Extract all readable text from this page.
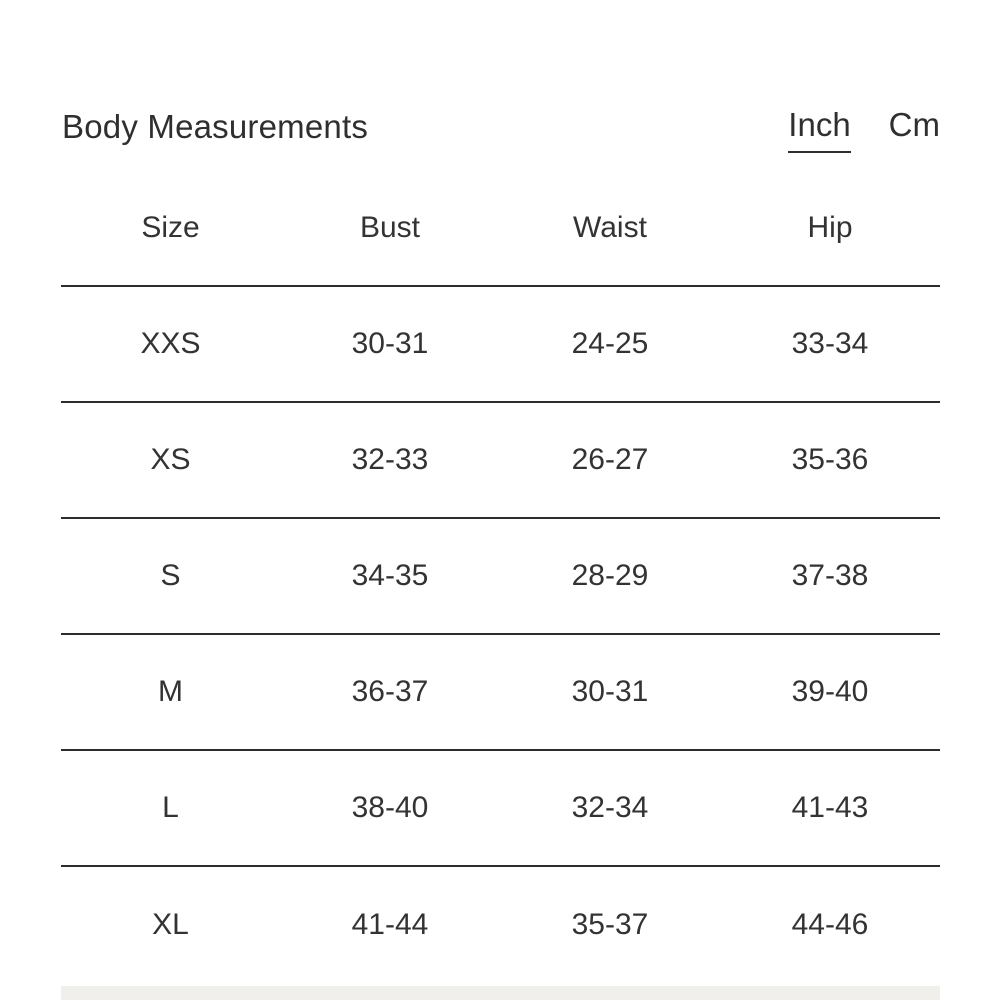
Body Measurements	Inch Cm
Size	Bust	Waist	Hip
XXS	30-31	24-25	33-34
XS	32-33	26-27	35-36
S	34-35	28-29	37-38
M	36-37	30-31	39-40
L	38-40	32-34	41-43
XL	41-44	35-37	44-46
